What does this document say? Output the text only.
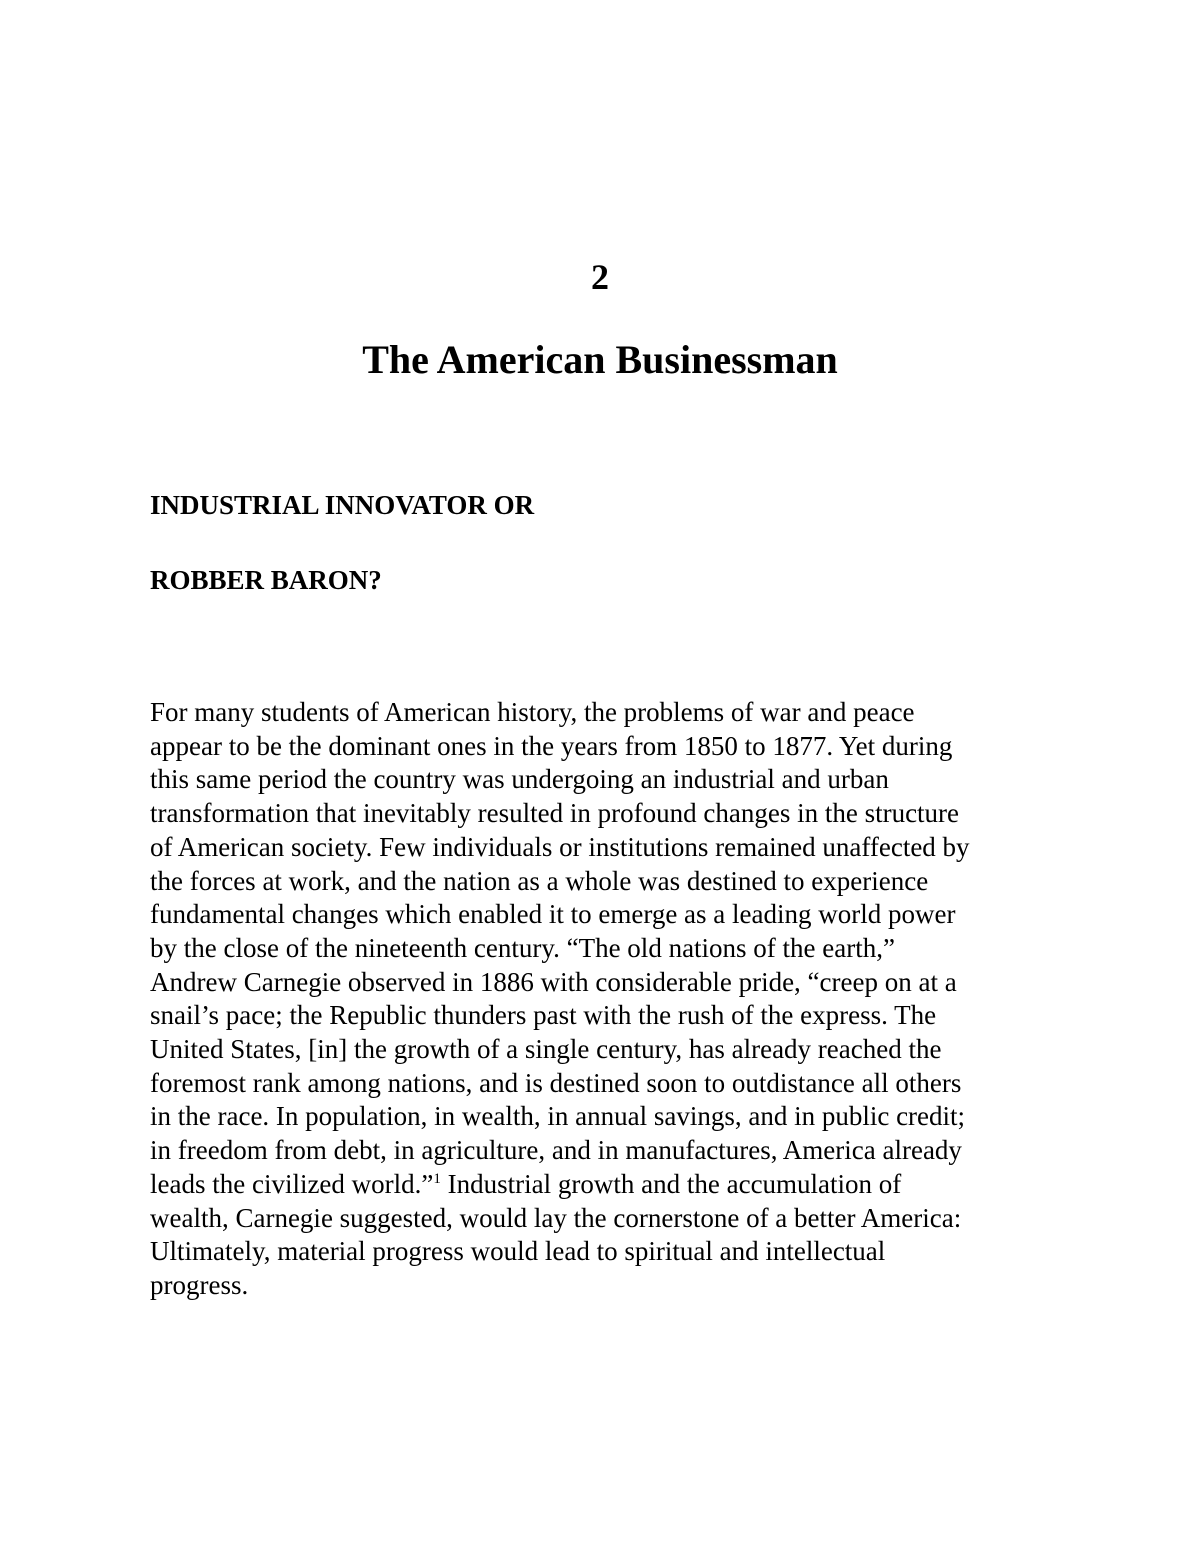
2
The American Businessman
INDUSTRIAL INNOVATOR OR
ROBBER BARON?
For many students of American history, the problems of war and peace
appear to be the dominant ones in the years from 1850 to 1877. Yet during
this same period the country was undergoing an industrial and urban
transformation that inevitably resulted in profound changes in the structure
of American society. Few individuals or institutions remained unaffected by
the forces at work, and the nation as a whole was destined to experience
fundamental changes which enabled it to emerge as a leading world power
by the close of the nineteenth century. “The old nations of the earth,”
Andrew Carnegie observed in 1886 with considerable pride, “creep on at a
snail’s pace; the Republic thunders past with the rush of the express. The
United States, [in] the growth of a single century, has already reached the
foremost rank among nations, and is destined soon to outdistance all others
in the race. In population, in wealth, in annual savings, and in public credit;
in freedom from debt, in agriculture, and in manufactures, America already
leads the civilized world.”$^1$ Industrial growth and the accumulation of
wealth, Carnegie suggested, would lay the cornerstone of a better America:
Ultimately, material progress would lead to spiritual and intellectual
progress.
